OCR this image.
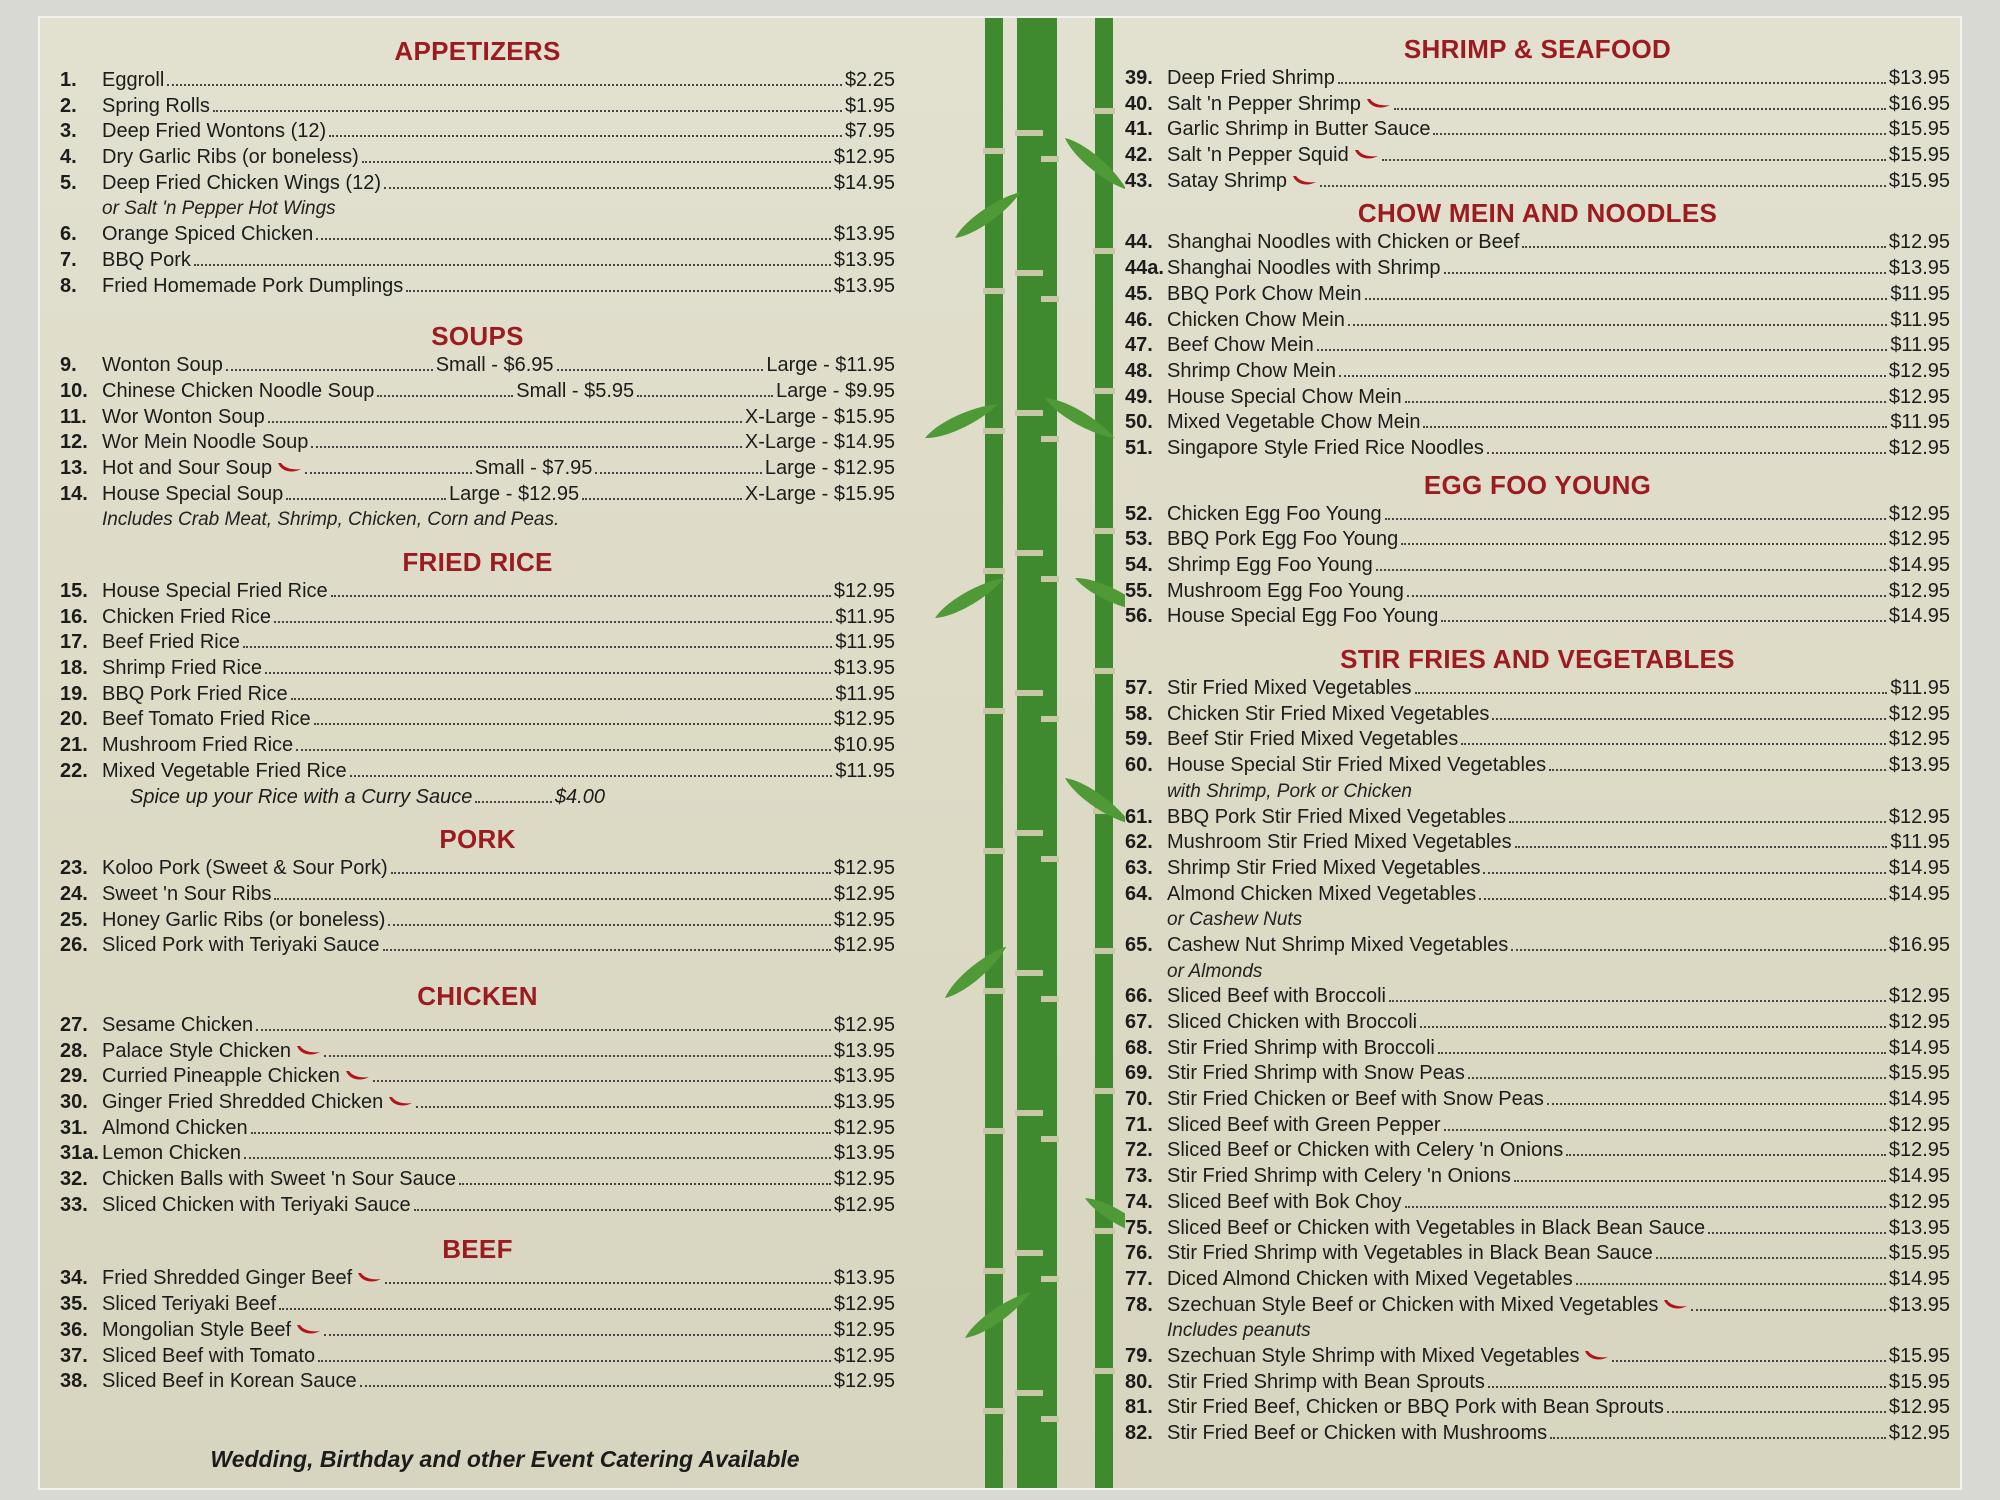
APPETIZERS
1.	Eggroll	$2.25
2.	Spring Rolls	$1.95
3.	Deep Fried Wontons (12)	$7.95
4.	Dry Garlic Ribs (or boneless)	$12.95
5.	Deep Fried Chicken Wings (12)	$14.95
or Salt 'n Pepper Hot Wings
6.	Orange Spiced Chicken	$13.95
7.	BBQ Pork	$13.95
8.	Fried Homemade Pork Dumplings	$13.95
SOUPS
9.	Wonton Soup	Small - $6.95	Large - $11.95
10. Chinese Chicken Noodle Soup	Small - $5.95	Large - $9.95
11. Wor Wonton Soup	X-Large - $15.95
12. Wor Mein Noodle Soup	X-Large - $14.95
13. Hot and Sour Soup	Small - $7.95	Large - $12.95
14. House Special Soup	Large - $12.95	X-Large - $15.95
Includes Crab Meat, Shrimp, Chicken, Corn and Peas.
FRIED RICE
15. House Special Fried Rice	$12.95
16. Chicken Fried Rice	$11.95
17. Beef Fried Rice	$11.95
18. Shrimp Fried Rice	$13.95
19. BBQ Pork Fried Rice	$11.95
20. Beef Tomato Fried Rice	$12.95
21. Mushroom Fried Rice	$10.95
22. Mixed Vegetable Fried Rice	$11.95
Spice up your Rice with a Curry Sauce	$4.00
PORK
23. Koloo Pork (Sweet & Sour Pork)	$12.95
24. Sweet 'n Sour Ribs	$12.95
25. Honey Garlic Ribs (or boneless)	$12.95
26. Sliced Pork with Teriyaki Sauce	$12.95
CHICKEN
27. Sesame Chicken	$12.95
28. Palace Style Chicken	$13.95
29. Curried Pineapple Chicken	$13.95
30. Ginger Fried Shredded Chicken	$13.95
31. Almond Chicken	$12.95
31a. Lemon Chicken	$13.95
32. Chicken Balls with Sweet 'n Sour Sauce	$12.95
33. Sliced Chicken with Teriyaki Sauce	$12.95
BEEF
34. Fried Shredded Ginger Beef	$13.95
35. Sliced Teriyaki Beef	$12.95
36. Mongolian Style Beef	$12.95
37. Sliced Beef with Tomato	$12.95
38. Sliced Beef in Korean Sauce	$12.95
SHRIMP & SEAFOOD
39. Deep Fried Shrimp	$13.95
40. Salt 'n Pepper Shrimp	$16.95
41. Garlic Shrimp in Butter Sauce	$15.95
42. Salt 'n Pepper Squid	$15.95
43. Satay Shrimp	$15.95
CHOW MEIN AND NOODLES
44. Shanghai Noodles with Chicken or Beef	$12.95
44a. Shanghai Noodles with Shrimp	$13.95
45. BBQ Pork Chow Mein	$11.95
46. Chicken Chow Mein	$11.95
47. Beef Chow Mein	$11.95
48. Shrimp Chow Mein	$12.95
49. House Special Chow Mein	$12.95
50. Mixed Vegetable Chow Mein	$11.95
51. Singapore Style Fried Rice Noodles	$12.95
EGG FOO YOUNG
52. Chicken Egg Foo Young	$12.95
53. BBQ Pork Egg Foo Young	$12.95
54. Shrimp Egg Foo Young	$14.95
55. Mushroom Egg Foo Young	$12.95
56. House Special Egg Foo Young	$14.95
STIR FRIES AND VEGETABLES
57. Stir Fried Mixed Vegetables	$11.95
58. Chicken Stir Fried Mixed Vegetables	$12.95
59. Beef Stir Fried Mixed Vegetables	$12.95
60. House Special Stir Fried Mixed Vegetables	$13.95
with Shrimp, Pork or Chicken
61. BBQ Pork Stir Fried Mixed Vegetables	$12.95
62. Mushroom Stir Fried Mixed Vegetables	$11.95
63. Shrimp Stir Fried Mixed Vegetables	$14.95
64. Almond Chicken Mixed Vegetables	$14.95
or Cashew Nuts
65. Cashew Nut Shrimp Mixed Vegetables	$16.95
or Almonds
66. Sliced Beef with Broccoli	$12.95
67. Sliced Chicken with Broccoli	$12.95
68. Stir Fried Shrimp with Broccoli	$14.95
69. Stir Fried Shrimp with Snow Peas	$15.95
70. Stir Fried Chicken or Beef with Snow Peas	$14.95
71. Sliced Beef with Green Pepper	$12.95
72. Sliced Beef or Chicken with Celery 'n Onions	$12.95
73. Stir Fried Shrimp with Celery 'n Onions	$14.95
74. Sliced Beef with Bok Choy	$12.95
75. Sliced Beef or Chicken with Vegetables in Black Bean Sauce	$13.95
76. Stir Fried Shrimp with Vegetables in Black Bean Sauce	$15.95
77. Diced Almond Chicken with Mixed Vegetables	$14.95
78. Szechuan Style Beef or Chicken with Mixed Vegetables	$13.95
Includes peanuts
79. Szechuan Style Shrimp with Mixed Vegetables	$15.95
80. Stir Fried Shrimp with Bean Sprouts	$15.95
81. Stir Fried Beef, Chicken or BBQ Pork with Bean Sprouts	$12.95
82. Stir Fried Beef or Chicken with Mushrooms	$12.95
Wedding, Birthday and other Event Catering Available
